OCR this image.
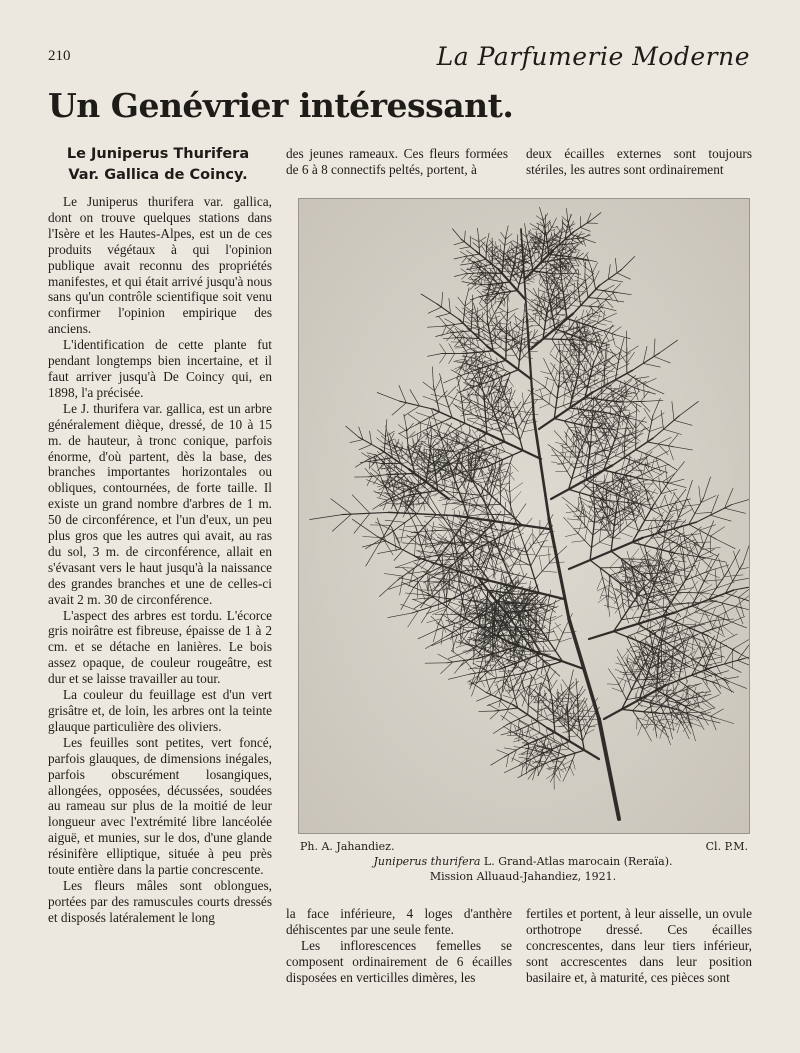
210	La Parfumerie Moderne
Un Genévrier intéressant.
Le Juniperus Thurifera
Var. Gallica de Coincy.

Le Juniperus thurifera var. gallica, dont on trouve quelques stations dans l'Isère et les Hautes-Alpes, est un de ces produits végétaux à qui l'opinion publique avait reconnu des propriétés manifestes, et qui était arrivé jusqu'à nous sans qu'un contrôle scientifique soit venu confirmer l'opinion empirique des anciens.

L'identification de cette plante fut pendant longtemps bien incertaine, et il faut arriver jusqu'à De Coincy qui, en 1898, l'a précisée.

Le J. thurifera var. gallica, est un arbre généralement dièque, dressé, de 10 à 15 m. de hauteur, à tronc conique, parfois énorme, d'où partent, dès la base, des branches importantes horizontales ou obliques, contournées, de forte taille. Il existe un grand nombre d'arbres de 1 m. 50 de circonférence, et l'un d'eux, un peu plus gros que les autres qui avait, au ras du sol, 3 m. de circonférence, allait en s'évasant vers le haut jusqu'à la naissance des grandes branches et une de celles-ci avait 2 m. 30 de circonférence.

L'aspect des arbres est tordu. L'écorce gris noirâtre est fibreuse, épaisse de 1 à 2 cm. et se détache en lanières. Le bois assez opaque, de couleur rougeâtre, est dur et se laisse travailler au tour.

La couleur du feuillage est d'un vert grisâtre et, de loin, les arbres ont la teinte glauque particulière des oliviers.

Les feuilles sont petites, vert foncé, parfois glauques, de dimensions inégales, parfois obscurément losangiques, allongées, opposées, décussées, soudées au rameau sur plus de la moitié de leur longueur avec l'extrémité libre lancéolée aiguë, et munies, sur le dos, d'une glande résinifère elliptique, située à peu près toute entière dans la partie concrescente.

Les fleurs mâles sont oblongues, portées par des ramuscules courts dressés et disposés latéralement le long

des jeunes rameaux. Ces fleurs formées de 6 à 8 connectifs peltés, portent, à

deux écailles externes sont toujours stériles, les autres sont ordinairement

Ph. A. Jahandiez.	Cl. P.M.
Juniperus thurifera L. Grand-Atlas marocain (Reraïa).
Mission Alluaud-Jahandiez, 1921.

la face inférieure, 4 loges d'anthère déhiscentes par une seule fente.

Les inflorescences femelles se composent ordinairement de 6 écailles disposées en verticilles dimères, les

fertiles et portent, à leur aisselle, un ovule orthotrope dressé. Ces écailles concrescentes, dans leur tiers inférieur, sont accrescentes dans leur position basilaire et, à maturité, ces pièces sont
